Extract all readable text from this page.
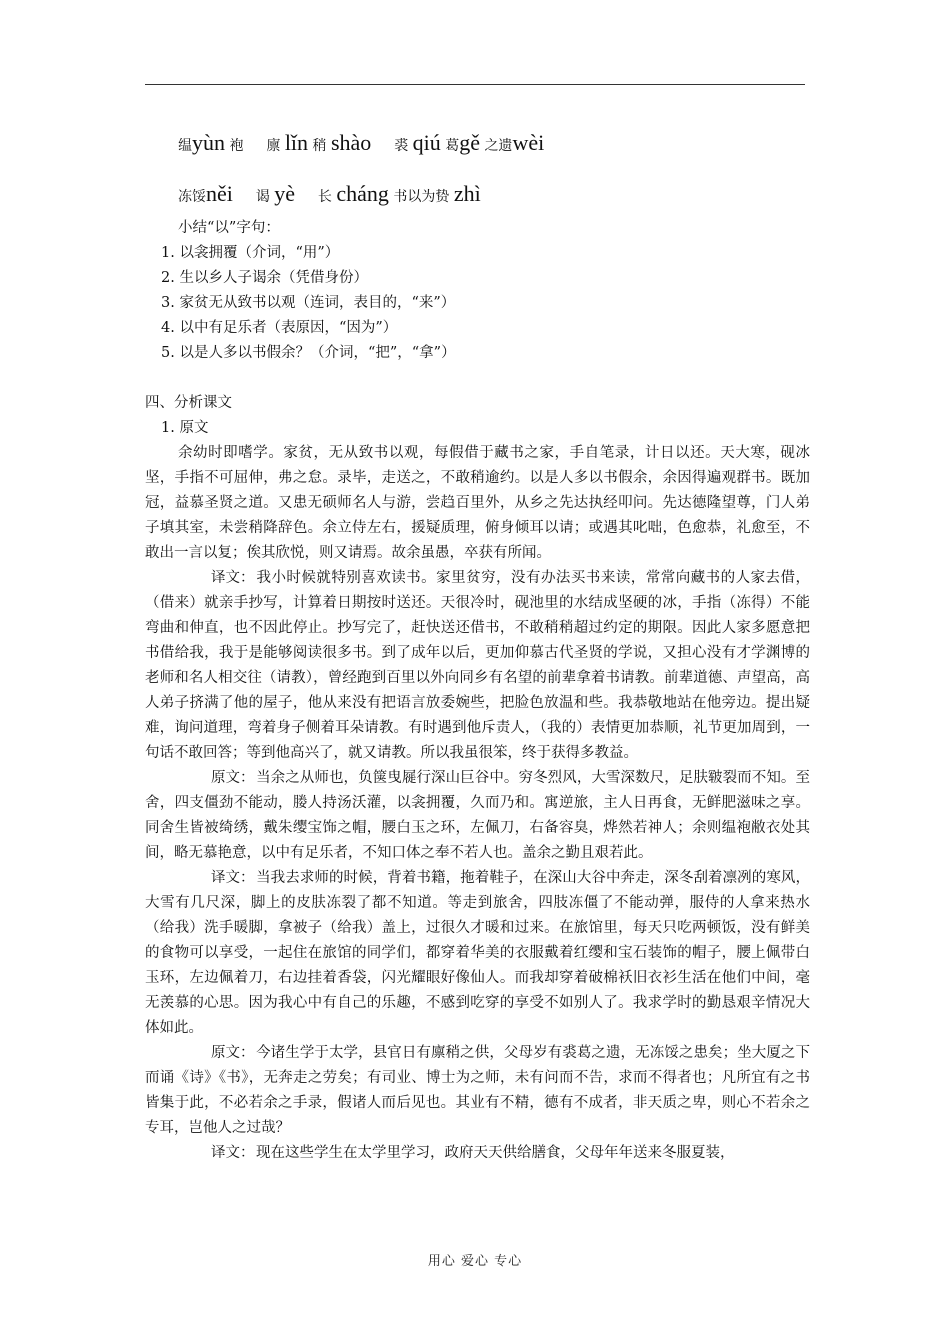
缊yùn 袍 廪 lǐn 稍 shào 裘 qiú 葛gě 之遗wèi
冻馁něi 谒 yè 长 cháng 书以为贽 zhì

小结“以”字句：

1. 以衾拥覆（介词，“用”）

2. 生以乡人子谒余（凭借身份）

3. 家贫无从致书以观（连词，表目的，“来”）

4. 以中有足乐者（表原因，“因为”）

5. 以是人多以书假余？（介词，“把”，“拿”）

四、分析课文

1. 原文

余幼时即嗜学。家贫，无从致书以观，每假借于藏书之家，手自笔录，计日以还。天大寒，砚冰坚，手指不可屈伸，弗之怠。录毕，走送之，不敢稍逾约。以是人多以书假余，余因得遍观群书。既加冠，益慕圣贤之道。又患无硕师名人与游，尝趋百里外，从乡之先达执经叩问。先达德隆望尊，门人弟子填其室，未尝稍降辞色。余立侍左右，援疑质理，俯身倾耳以请；或遇其叱咄，色愈恭，礼愈至，不敢出一言以复；俟其欣悦，则又请焉。故余虽愚，卒获有所闻。

译文： 我小时候就特别喜欢读书。家里贫穷，没有办法买书来读，常常向藏书的人家去借，（借来）就亲手抄写，计算着日期按时送还。天很冷时，砚池里的水结成坚硬的冰，手指（冻得）不能弯曲和伸直，也不因此停止。抄写完了，赶快送还借书，不敢稍稍超过约定的期限。因此人家多愿意把书借给我，我于是能够阅读很多书。到了成年以后，更加仰慕古代圣贤的学说，又担心没有才学渊博的老师和名人相交往（请教），曾经跑到百里以外向同乡有名望的前辈拿着书请教。前辈道德、声望高，高人弟子挤满了他的屋子，他从来没有把语言放委婉些，把脸色放温和些。我恭敬地站在他旁边。提出疑难，询问道理，弯着身子侧着耳朵请教。有时遇到他斥责人，（我的）表情更加恭顺，礼节更加周到，一句话不敢回答；等到他高兴了，就又请教。所以我虽很笨，终于获得多教益。

原文： 当余之从师也，负箧曳屣行深山巨谷中。穷冬烈风，大雪深数尺，足肤皲裂而不知。至舍，四支僵劲不能动，媵人持汤沃灌，以衾拥覆，久而乃和。寓逆旅，主人日再食，无鲜肥滋味之享。同舍生皆被绮绣，戴朱缨宝饰之帽，腰白玉之环，左佩刀，右备容臭，烨然若神人；余则缊袍敝衣处其间，略无慕艳意，以中有足乐者，不知口体之奉不若人也。盖余之勤且艰若此。

译文： 当我去求师的时候，背着书籍，拖着鞋子，在深山大谷中奔走，深冬刮着凛冽的寒风，大雪有几尺深，脚上的皮肤冻裂了都不知道。等走到旅舍，四肢冻僵了不能动弹，服侍的人拿来热水（给我）洗手暖脚，拿被子（给我）盖上，过很久才暖和过来。在旅馆里，每天只吃两顿饭，没有鲜美的食物可以享受，一起住在旅馆的同学们，都穿着华美的衣服戴着红缨和宝石装饰的帽子，腰上佩带白玉环，左边佩着刀，右边挂着香袋，闪光耀眼好像仙人。而我却穿着破棉袄旧衣衫生活在他们中间，毫无羡慕的心思。因为我心中有自己的乐趣，不感到吃穿的享受不如别人了。我求学时的勤恳艰辛情况大体如此。

原文： 今诸生学于太学，县官日有廪稍之供，父母岁有裘葛之遗，无冻馁之患矣；坐大厦之下而诵《诗》《书》，无奔走之劳矣；有司业、博士为之师，未有问而不告，求而不得者也；凡所宜有之书皆集于此，不必若余之手录，假诸人而后见也。其业有不精，德有不成者，非天质之卑，则心不若余之专耳，岂他人之过哉？

译文： 现在这些学生在太学里学习，政府天天供给膳食，父母年年送来冬服夏装，

用心 爱心 专心
